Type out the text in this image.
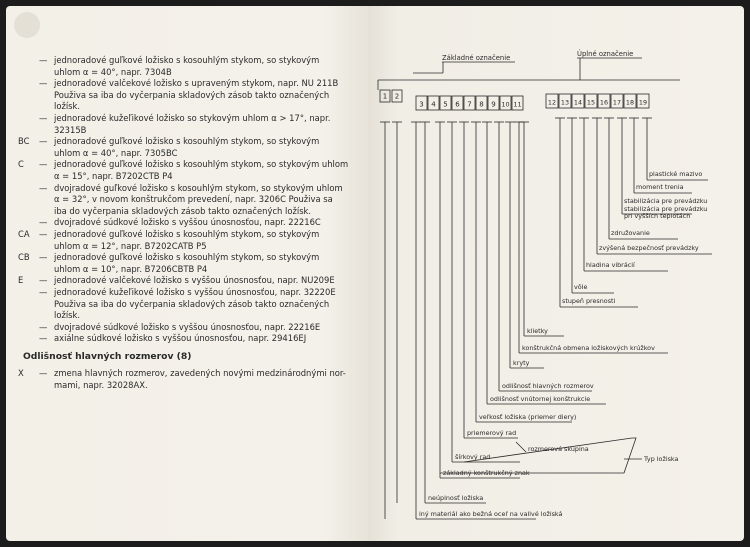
— jednoradové guľkové ložisko s kosouhlým stykom, so stykovým
uhlom α = 40°, napr. 7304B
— jednoradové valčekové ložisko s upraveným stykom, napr. NU 211B
Použiva sa iba do vyčerpania skladových zásob takto označených
ložísk.
— jednoradové kužeľikové ložisko so stykovým uhlom α > 17°, napr.
32315B
BC	— jednoradové guľkové ložisko s kosouhlým stykom, so stykovým
uhlom α = 40°, napr. 7305BC
C	— jednoradové guľkové ložisko s kosouhlým stykom, so stykovým uhlom
α = 15°, napr. B7202CTB P4
— dvojradové guľkové ložisko s kosouhlým stykom, so stykovým uhlom
α = 32°, v novom konštrukčom prevedení, napr. 3206C Použiva sa
iba do vyčerpania skladových zásob takto označených ložísk.
— dvojradové súdkové ložisko s vyššou únosnosťou, napr. 22216C
CA — jednoradové guľkové ložisko s kosouhlým stykom, so stykovým
uhlom α = 12°, napr. B7202CATB P5
CB — jednoradové guľkové ložisko s kosouhlým stykom, so stykovým
uhlom α = 10°, napr. B7206CBTB P4
E	— jednoradové valčekové ložisko s vyššou únosnosťou, napr. NU209E
— jednoradové kužeľikové ložisko s vyššou únosnosťou, napr. 32220E
Použiva sa iba do vyčerpania skladových zásob takto označených
ložísk.
— dvojradové súdkové ložisko s vyššou únosnosťou, napr. 22216E
— axiálne súdkové ložisko s vyššou únosnosťou, napr. 29416EJ
Odlišnosť hlavných rozmerov (8)
X	— zmena hlavných rozmerov, zavedených novými medzinárodnými nor-
mami, napr. 32028AX.
Základné označenie	Úplné označenie
1 2
3 4 5 6 7 8 9 10 11	12 13 14 15 16 17 18 19
plastické mazivo
moment trenia
stabilizácia pre prevádzku
združovanie
zvýšená bezpečnosť prevádzky
hladina vibrácií
vôle
stupeň presnosti
pri vyšších teplotách
stabilizácia pre prevádzku
klietky
konštrukčná obmena ložiskových krúžkov
kryty
odlišnosť hlavných rozmerov
odlišnosť vnútornej konštrukcie
veľkosť ložiska (priemer diery)
priemerový rad
šírkový rad
základný konštrukčný znak
neúplnosť ložiska
iný materiál ako bežná oceľ na valivé ložiská
rozmerová skupina
Typ ložiska
